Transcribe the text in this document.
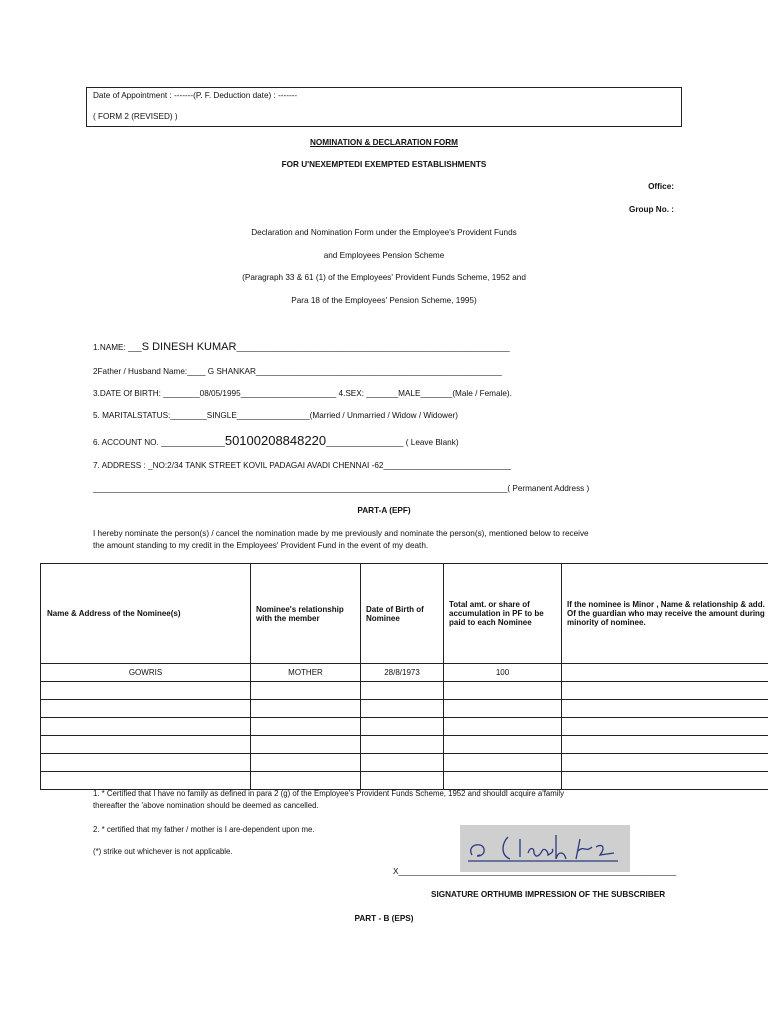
Date of Appointment : -------(P. F. Deduction date) : -------
( FORM 2 (REVISED) )
NOMINATION & DECLARATION FORM
FOR U'NEXEMPTEDI EXEMPTED ESTABLISHMENTS
Office:
Group No. :
Declaration and Nomination Form under the Employee's Provident Funds
and Employees Pension Scheme
(Paragraph 33 & 61 (1) of the Employees' Provident Funds Scheme, 1952 and
Para 18 of the Employees' Pension Scheme, 1995)
1.NAME: ___S DINESH KUMAR____________________________________________________________
2Father / Husband Name:____ G SHANKAR______________________________________________________
3.DATE Of BIRTH: ________08/05/1995_____________________ 4.SEX: _______MALE_______(Male / Female).
5. MARITALSTATUS:________SINGLE________________(Married / Unmarried / Widow / Widower)
6. ACCOUNT NO. ______________50100208848220_________________ ( Leave Blank)
7. ADDRESS : _NO:2/34 TANK STREET KOVIL PADAGAI AVADI CHENNAI -62____________________________
___________________________________________________________________________________________( Permanent Address )
PART-A (EPF)
I hereby nominate the person(s) / cancel the nomination made by me previously and nominate the person(s), mentioned below to receive
the amount standing to my credit in the Employees' Provident Fund in the event of my death.
Name & Address of the Nominee(s)	Nominee's relationship with the member	Date of Birth of Nominee	Total amt. or share of accumulation in PF to be paid to each Nominee	If the nominee is Minor , Name & relationship & add. Of the guardian who may receive the amount during minority of nominee.
GOWRIS	MOTHER	28/8/1973	100	

1. * Certified that I have no family as defined in para 2 (g) of the Employee's Provident Funds Scheme, 1952 and shouldI acquire a'family
thereafter the 'above nomination should be deemed as cancelled.
2. * certified that my father / mother is I are-dependent upon me.
(*) strike out whichever is not applicable.
X_____________________________________________________________
SIGNATURE ORTHUMB IMPRESSION OF THE SUBSCRIBER
PART - B (EPS)
